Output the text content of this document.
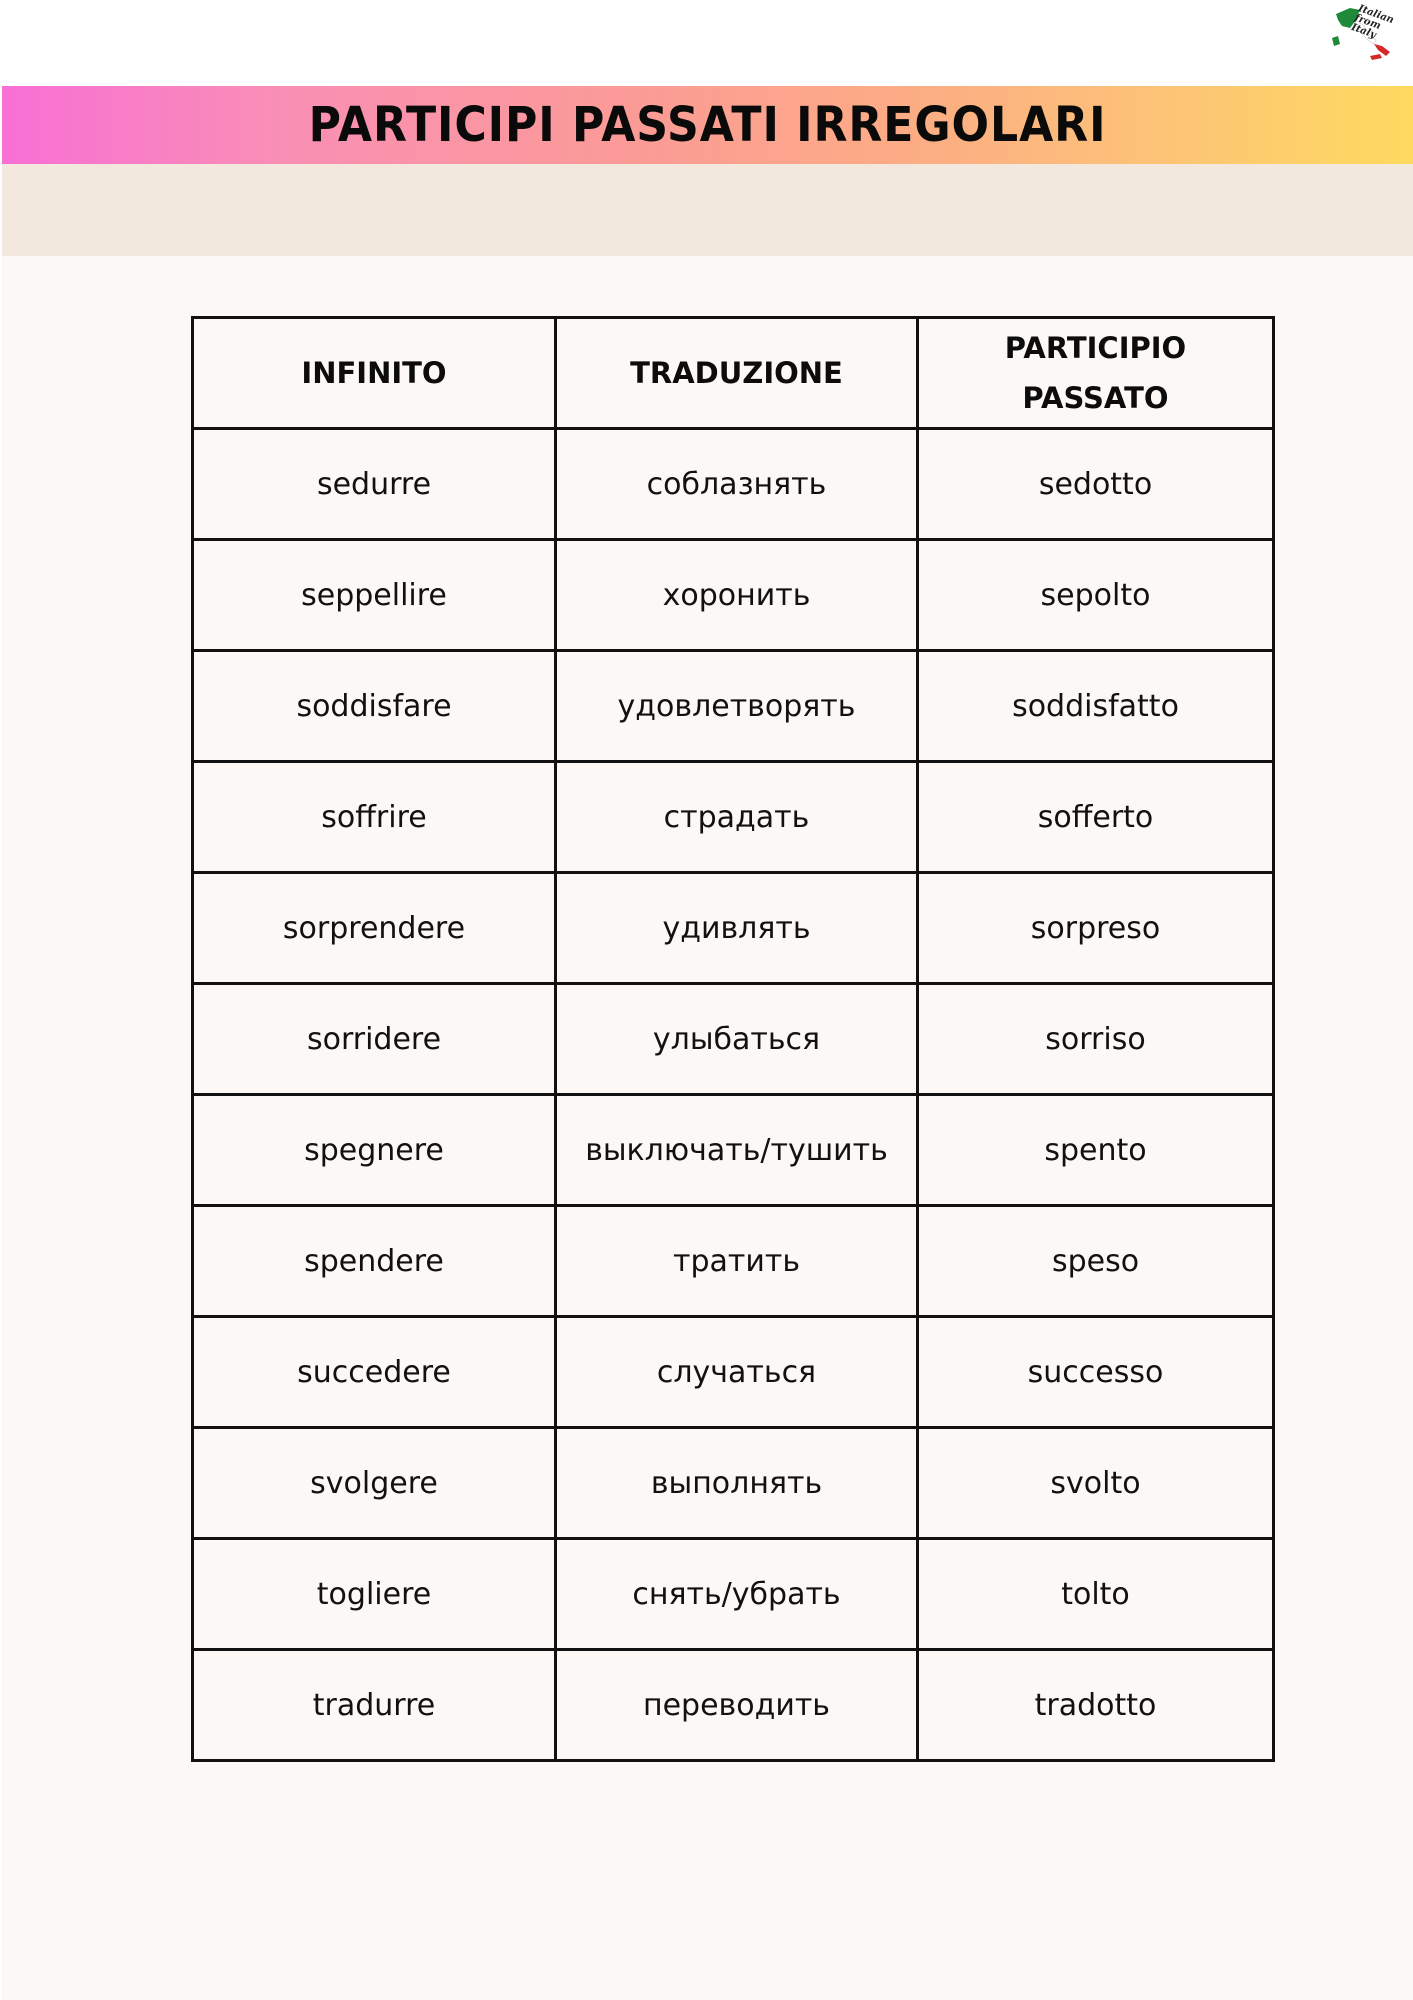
Italian from Italy
PARTICIPI PASSATI IRREGOLARI
INFINITO	TRADUZIONE	PARTICIPIO
PASSATO

sedurre	соблазнять	sedotto
seppellire	хоронить	sepolto
soddisfare	удовлетворять	soddisfatto
soffrire	страдать	sofferto
sorprendere	удивлять	sorpreso
sorridere	улыбаться	sorriso
spegnere	выключать/тушить	spento
spendere	тратить	speso
succedere	случаться	successo
svolgere	выполнять	svolto
togliere	снять/убрать	tolto
tradurre	переводить	tradotto
